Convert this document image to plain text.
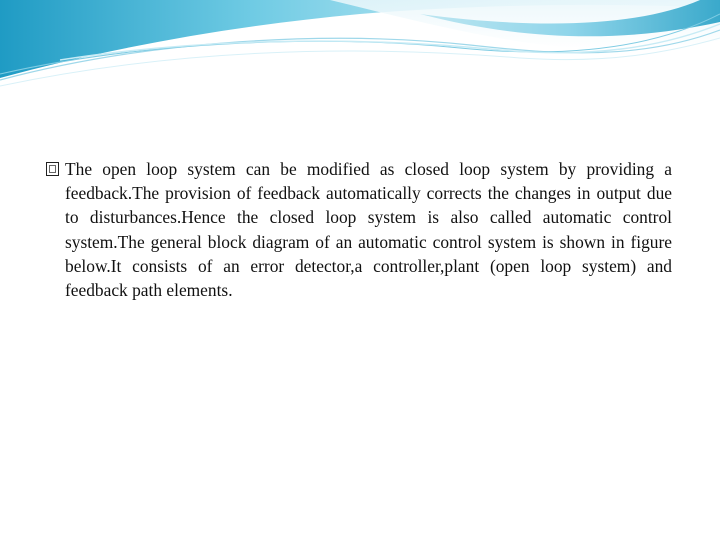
The open loop system can be modified as closed loop system by providing a feedback.The provision of feedback automatically corrects the changes in output due to disturbances.Hence the closed loop system is also called automatic control system.The general block diagram of an automatic control system is shown in figure below.It consists of an error detector,a controller,plant (open loop system) and feedback path elements.
